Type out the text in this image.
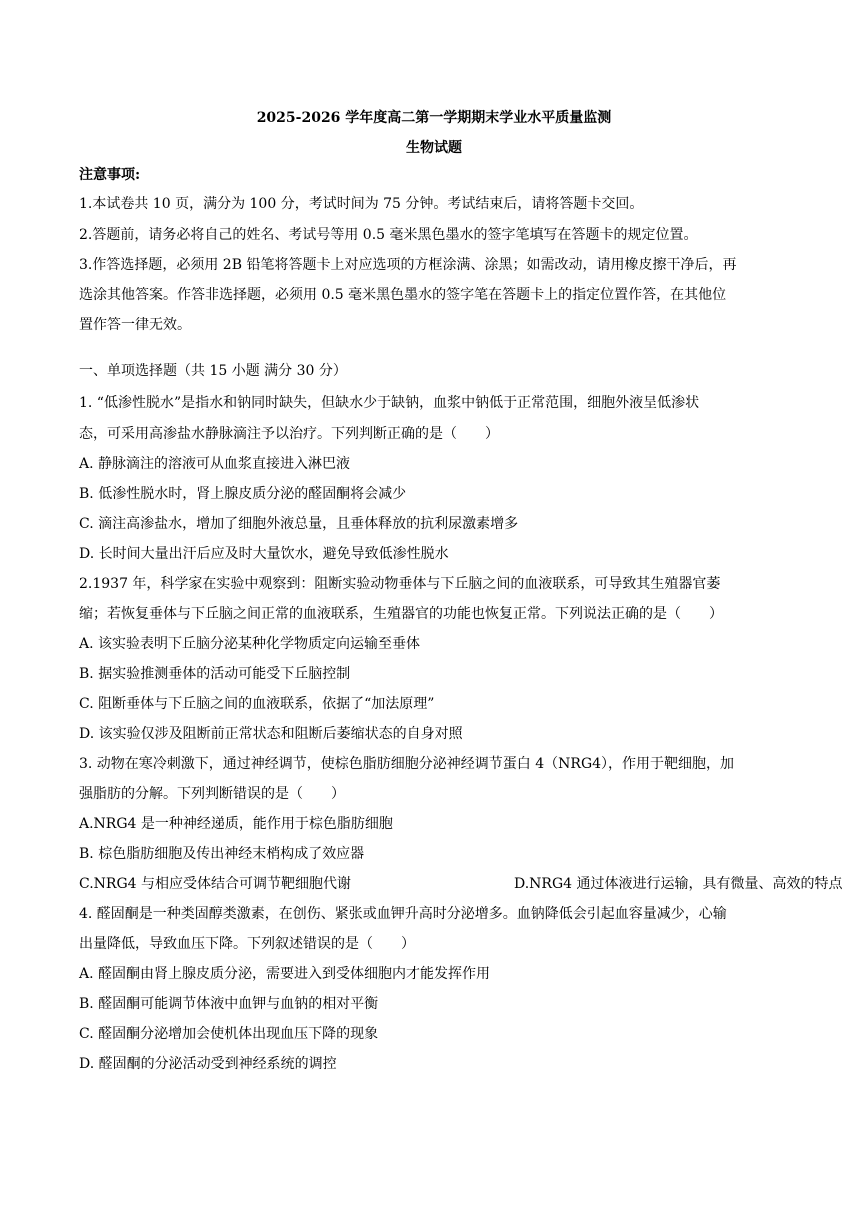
2025-2026 学年度高二第一学期期末学业水平质量监测
生物试题
注意事项:
1.本试卷共 10 页，满分为 100 分，考试时间为 75 分钟。考试结束后，请将答题卡交回。
2.答题前，请务必将自己的姓名、考试号等用 0.5 毫米黑色墨水的签字笔填写在答题卡的规定位置。
3.作答选择题，必须用 2B 铅笔将答题卡上对应选项的方框涂满、涂黑；如需改动，请用橡皮擦干净后，再
选涂其他答案。作答非选择题，必须用 0.5 毫米黑色墨水的签字笔在答题卡上的指定位置作答，在其他位
置作答一律无效。
一、单项选择题（共 15 小题 满分 30 分）
1. “低渗性脱水”是指水和钠同时缺失，但缺水少于缺钠，血浆中钠低于正常范围，细胞外液呈低渗状
态，可采用高渗盐水静脉滴注予以治疗。下列判断正确的是（　　）
A. 静脉滴注的溶液可从血浆直接进入淋巴液
B. 低渗性脱水时，肾上腺皮质分泌的醛固酮将会减少
C. 滴注高渗盐水，增加了细胞外液总量，且垂体释放的抗利尿激素增多
D. 长时间大量出汗后应及时大量饮水，避免导致低渗性脱水
2.1937 年，科学家在实验中观察到：阻断实验动物垂体与下丘脑之间的血液联系，可导致其生殖器官萎
缩；若恢复垂体与下丘脑之间正常的血液联系，生殖器官的功能也恢复正常。下列说法正确的是（　　）
A. 该实验表明下丘脑分泌某种化学物质定向运输至垂体
B. 据实验推测垂体的活动可能受下丘脑控制
C. 阻断垂体与下丘脑之间的血液联系，依据了“加法原理”
D. 该实验仅涉及阻断前正常状态和阻断后萎缩状态的自身对照
3. 动物在寒冷刺激下，通过神经调节，使棕色脂肪细胞分泌神经调节蛋白 4（NRG4），作用于靶细胞，加
强脂肪的分解。下列判断错误的是（　　）
A.NRG4 是一种神经递质，能作用于棕色脂肪细胞
B. 棕色脂肪细胞及传出神经末梢构成了效应器
C.NRG4 与相应受体结合可调节靶细胞代谢	D.NRG4 通过体液进行运输，具有微量、高效的特点
4. 醛固酮是一种类固醇类激素，在创伤、紧张或血钾升高时分泌增多。血钠降低会引起血容量减少，心输
出量降低，导致血压下降。下列叙述错误的是（　　）
A. 醛固酮由肾上腺皮质分泌，需要进入到受体细胞内才能发挥作用
B. 醛固酮可能调节体液中血钾与血钠的相对平衡
C. 醛固酮分泌增加会使机体出现血压下降的现象
D. 醛固酮的分泌活动受到神经系统的调控
